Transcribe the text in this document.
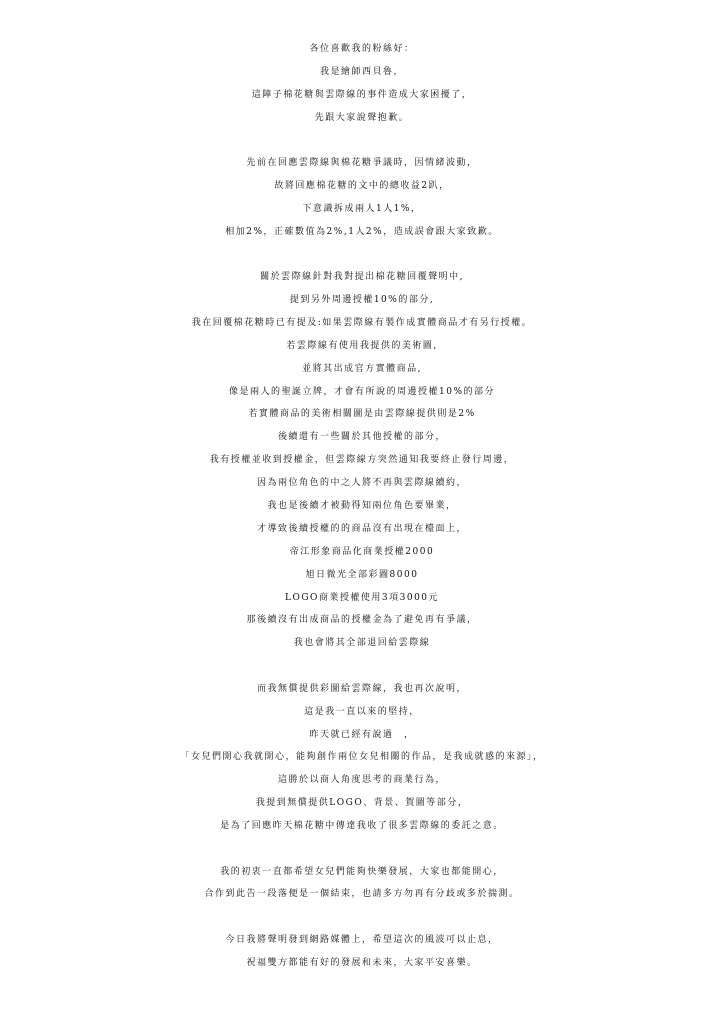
各位喜歡我的粉絲好：
我是繪師西貝魯，
這陣子棉花糖與雲際線的事件造成大家困擾了，
先跟大家說聲抱歉。
先前在回應雲際線與棉花糖爭議時，因情緒波動，
故將回應棉花糖的文中的總收益2趴，
下意識拆成兩人1人1%，
相加2%，正確數值為2%,1人2%，造成誤會跟大家致歉。
關於雲際線針對我對提出棉花糖回覆聲明中,
提到另外周邊授權10%的部分,
我在回覆棉花糖時已有提及:如果雲際線有製作成實體商品才有另行授權。
若雲際線有使用我提供的美術圖,
並將其出成官方實體商品,
像是兩人的聖誕立牌，才會有所說的周邊授權10%的部分
若實體商品的美術相關圖是由雲際線提供則是2%
後續還有一些關於其他授權的部分，
我有授權並收到授權金，但雲際線方突然通知我要終止發行周邊，
因為兩位角色的中之人將不再與雲際線續約，
我也是後續才被動得知兩位角色要畢業，
才導致後續授權的的商品沒有出現在檯面上，
帝江形象商品化商業授權2000
旭日微光全部彩圖8000
LOGO商業授權使用3項3000元
那後續沒有出成商品的授權金為了避免再有爭議，
我也會將其全部退回給雲際線
而我無償提供彩圖給雲際線，我也再次說明，
這是我一直以來的堅持，
昨天就已經有說過　，
「女兒們開心我就開心，能夠創作兩位女兒相關的作品，是我成就感的來源」，
這勝於以商人角度思考的商業行為，
我提到無償提供LOGO、背景、賀圖等部分，
是為了回應昨天棉花糖中傳達我收了很多雲際線的委託之意。
我的初衷一直都希望女兒們能夠快樂發展，大家也都能開心，
合作到此告一段落便是一個結束，也請多方勿再有分歧或多於揣測。
今日我將聲明發到網路媒體上，希望這次的風波可以止息，
祝福雙方都能有好的發展和未來，大家平安喜樂。
